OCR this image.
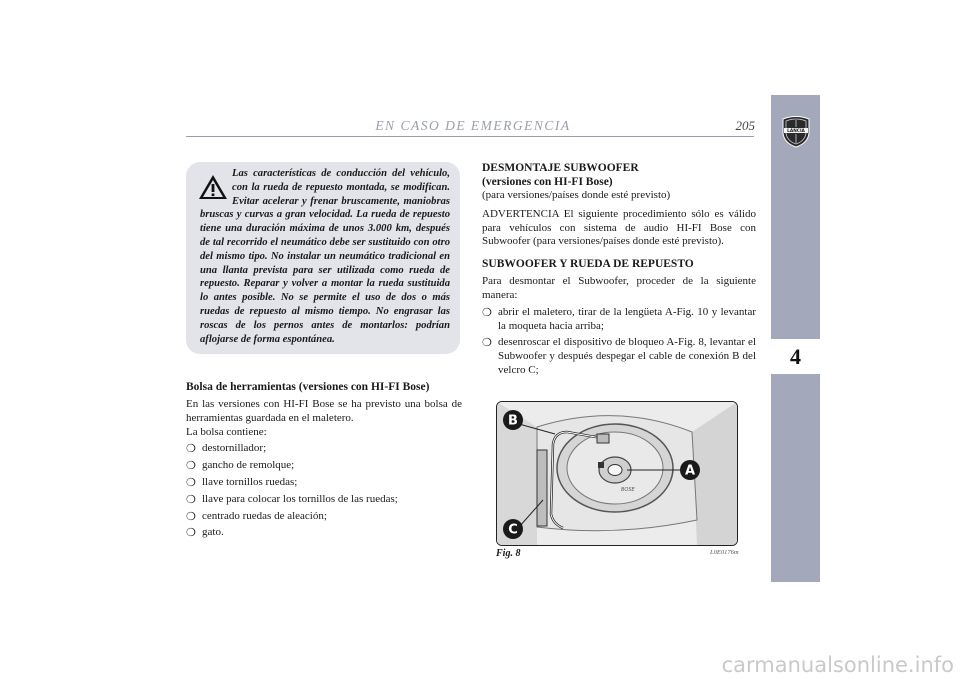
EN CASO DE EMERGENCIA	205	LANCIA
4
Las características de conducción del vehículo, con la rueda de repuesto montada, se modifican. Evitar acelerar y frenar bruscamente, maniobras bruscas y curvas a gran velocidad. La rueda de repuesto tiene una duración máxima de unos 3.000 km, después de tal recorrido el neumático debe ser sustituido con otro del mismo tipo. No instalar un neumático tradicional en una llanta prevista para ser utilizada como rueda de repuesto. Reparar y volver a montar la rueda sustituida lo antes posible. No se permite el uso de dos o más ruedas de repuesto al mismo tiempo. No engrasar las roscas de los pernos antes de montarlos: podrían aflojarse de forma espontánea.
Bolsa de herramientas (versiones con HI-FI Bose)

En las versiones con HI-FI Bose se ha previsto una bolsa de herramientas guardada en el maletero.

La bolsa contiene:

❍ destornillador;
❍ gancho de remolque;
❍ llave tornillos ruedas;
❍ llave para colocar los tornillos de las ruedas;
❍ centrado ruedas de aleación;
❍ gato.
DESMONTAJE SUBWOOFER
(versiones con HI-FI Bose)

(para versiones/países donde esté previsto)

ADVERTENCIA El siguiente procedimiento sólo es válido para vehículos con sistema de audio HI-FI Bose con Subwoofer (para versiones/países donde esté previsto).

SUBWOOFER Y RUEDA DE REPUESTO

Para desmontar el Subwoofer, proceder de la siguiente manera:

❍ abrir el maletero, tirar de la lengüeta A-Fig. 10 y levantar la moqueta hacia arriba;
❍ desenroscar el dispositivo de bloqueo A-Fig. 8, levantar el Subwoofer y después despegar el cable de conexión B del velcro C;
BOSE
B
A
C
Fig. 8	L0E0176m
carmanualsonline.info
